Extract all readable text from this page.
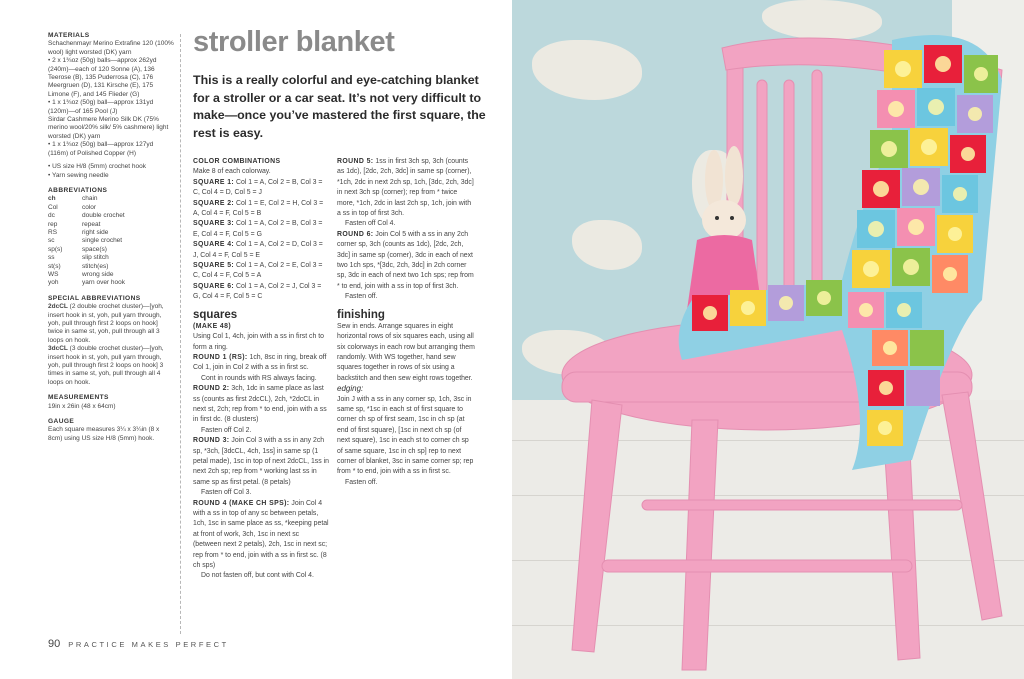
MATERIALS
Schachenmayr Merino Extrafine 120 (100% wool) light worsted (DK) yarn
• 2 x 1¾oz (50g) balls—approx 262yd (240m)—each of 120 Sonne (A), 136 Teerose (B), 135 Puderrosa (C), 176 Meergruen (D), 131 Kirsche (E), 175 Limone (F), and 145 Flieder (G)
• 1 x 1¾oz (50g) ball—approx 131yd (120m)—of 165 Pool (J)
Sirdar Cashmere Merino Silk DK (75% merino wool/20% silk/ 5% cashmere) light worsted (DK) yarn
• 1 x 1¾oz (50g) ball—approx 127yd (116m) of Polished Copper (H)
• US size H/8 (5mm) crochet hook
• Yarn sewing needle
ABBREVIATIONS
ch	chain
Col	color
dc	double crochet
rep	repeat
RS	right side
sc	single crochet
sp(s)	space(s)
ss	slip stitch
st(s)	stitch(es)
WS	wrong side
yoh	yarn over hook
SPECIAL ABBREVIATIONS
2dcCL (2 double crochet cluster)—[yoh, insert hook in st, yoh, pull yarn through, yoh, pull through first 2 loops on hook] twice in same st, yoh, pull through all 3 loops on hook.
3dcCL (3 double crochet cluster)—[yoh, insert hook in st, yoh, pull yarn through, yoh, pull through first 2 loops on hook] 3 times in same st, yoh, pull through all 4 loops on hook.
MEASUREMENTS
19in x 26in (48 x 64cm)
GAUGE
Each square measures 3¼ x 3¼in (8 x 8cm) using US size H/8 (5mm) hook.
stroller blanket
This is a really colorful and eye-catching blanket for a stroller or a car seat. It’s not very difficult to make—once you’ve mastered the first square, the rest is easy.
COLOR COMBINATIONS
Make 8 of each colorway.
SQUARE 1: Col 1 = A, Col 2 = B, Col 3 = C, Col 4 = D, Col 5 = J
SQUARE 2: Col 1 = E, Col 2 = H, Col 3 = A, Col 4 = F, Col 5 = B
SQUARE 3: Col 1 = A, Col 2 = B, Col 3 = E, Col 4 = F, Col 5 = G
SQUARE 4: Col 1 = A, Col 2 = D, Col 3 = J, Col 4 = F, Col 5 = E
SQUARE 5: Col 1 = A, Col 2 = E, Col 3 = C, Col 4 = F, Col 5 = A
SQUARE 6: Col 1 = A, Col 2 = J, Col 3 = G, Col 4 = F, Col 5 = C
squares
(MAKE 48)
Using Col 1, 4ch, join with a ss in first ch to form a ring.
ROUND 1 (RS): 1ch, 8sc in ring, break off Col 1, join in Col 2 with a ss in first sc.
Cont in rounds with RS always facing.
ROUND 2: 3ch, 1dc in same place as last ss (counts as first 2dcCL), 2ch, *2dcCL in next st, 2ch; rep from * to end, join with a ss in first dc. (8 clusters)
Fasten off Col 2.
ROUND 3: Join Col 3 with a ss in any 2ch sp, *3ch, [3dcCL, 4ch, 1ss] in same sp (1 petal made), 1sc in top of next 2dcCL, 1ss in next 2ch sp; rep from * working last ss in same sp as first petal. (8 petals)
Fasten off Col 3.
ROUND 4 (MAKE CH SPS): Join Col 4 with a ss in top of any sc between petals, 1ch, 1sc in same place as ss, *keeping petal at front of work, 3ch, 1sc in next sc (between next 2 petals), 2ch, 1sc in next sc; rep from * to end, join with a ss in first sc. (8 ch sps)
Do not fasten off, but cont with Col 4.
ROUND 5: 1ss in first 3ch sp, 3ch (counts as 1dc), [2dc, 2ch, 3dc] in same sp (corner), *1ch, 2dc in next 2ch sp, 1ch, [3dc, 2ch, 3dc] in next 3ch sp (corner); rep from * twice more, *1ch, 2dc in last 2ch sp, 1ch, join with a ss in top of first 3ch.
Fasten off Col 4.
ROUND 6: Join Col 5 with a ss in any 2ch corner sp, 3ch (counts as 1dc), [2dc, 2ch, 3dc] in same sp (corner), 3dc in each of next two 1ch sps, *[3dc, 2ch, 3dc] in 2ch corner sp, 3dc in each of next two 1ch sps; rep from * to end, join with a ss in top of first 3ch.
Fasten off.
finishing
Sew in ends. Arrange squares in eight horizontal rows of six squares each, using all six colorways in each row but arranging them randomly. With WS together, hand sew squares together in rows of six using a backstitch and then sew eight rows together.
edging:
Join J with a ss in any corner sp, 1ch, 3sc in same sp, *1sc in each st of first square to corner ch sp of first seam, 1sc in ch sp (at end of first square), [1sc in next ch sp (of next square), 1sc in each st to corner ch sp of same square, 1sc in ch sp] rep to next corner of blanket, 3sc in same corner sp; rep from * to end, join with a ss in first sc.
Fasten off.
90 PRACTICE MAKES PERFECT
